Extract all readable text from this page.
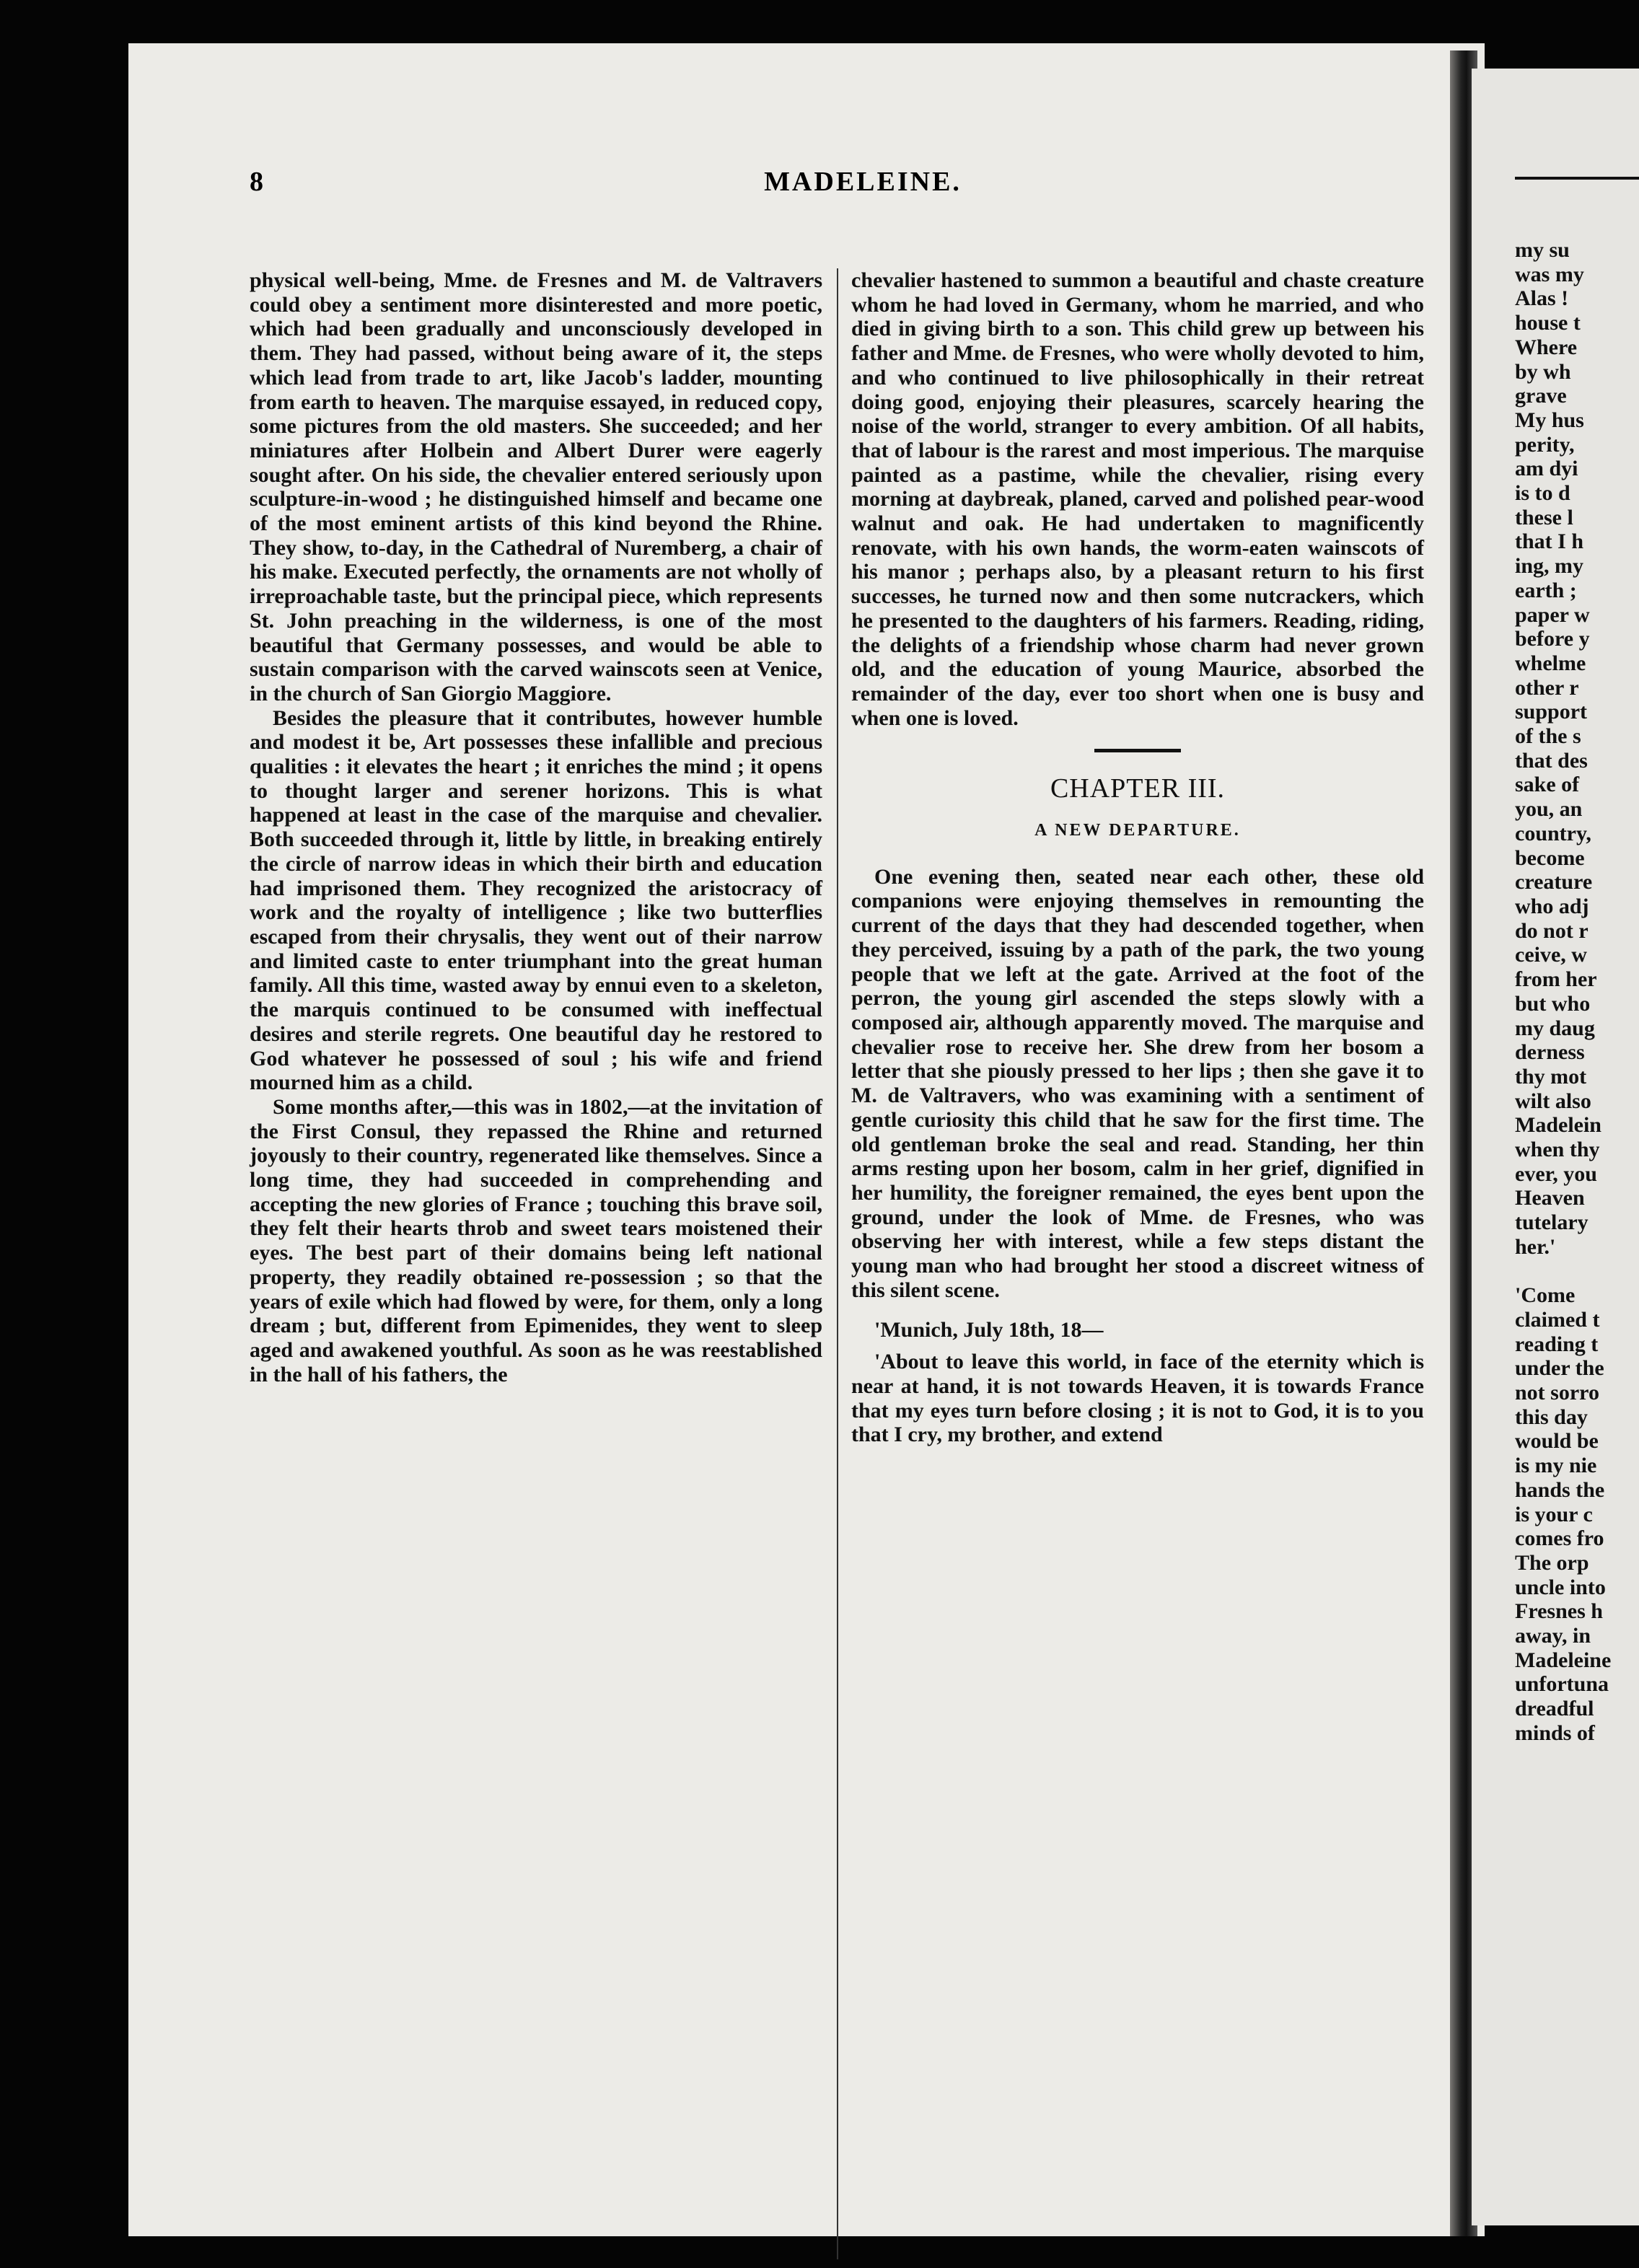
my su
was my
Alas !
house t
Where
by wh
grave
My hus
perity,
am dyi
is to d
these l
that I h
ing, my
earth ;
paper w
before y
whelme
other r
support
of the s
that des
sake of
you, an
country,
become
creature
who adj
do not r
ceive, w
from her
but who
my daug
derness
thy mot
wilt also
Madelein
when thy
ever, you
Heaven
tutelary
her.'

'Come
claimed t
reading t
under the
not sorro
this day
would be
is my nie
hands the
is your c
comes fro
The orp
uncle into
Fresnes h
away, in
Madeleine
unfortuna
dreadful
minds of
8	MADELEINE.

physical well-being, Mme. de Fresnes and M. de Valtravers could obey a sentiment more disinterested and more poetic, which had been gradually and unconsciously developed in them. They had passed, without being aware of it, the steps which lead from trade to art, like Jacob's ladder, mounting from earth to heaven. The marquise essayed, in reduced copy, some pictures from the old masters. She succeeded; and her miniatures after Holbein and Albert Durer were eagerly sought after. On his side, the chevalier entered seriously upon sculpture-in-wood ; he distinguished himself and became one of the most eminent artists of this kind beyond the Rhine. They show, to-day, in the Cathedral of Nuremberg, a chair of his make. Executed perfectly, the ornaments are not wholly of irreproachable taste, but the principal piece, which represents St. John preaching in the wilderness, is one of the most beautiful that Germany possesses, and would be able to sustain comparison with the carved wainscots seen at Venice, in the church of San Giorgio Maggiore.

Besides the pleasure that it contributes, however humble and modest it be, Art possesses these infallible and precious qualities : it elevates the heart ; it enriches the mind ; it opens to thought larger and serener horizons. This is what happened at least in the case of the marquise and chevalier. Both succeeded through it, little by little, in breaking entirely the circle of narrow ideas in which their birth and education had imprisoned them. They recognized the aristocracy of work and the royalty of intelligence ; like two butterflies escaped from their chrysalis, they went out of their narrow and limited caste to enter triumphant into the great human family. All this time, wasted away by ennui even to a skeleton, the marquis continued to be consumed with ineffectual desires and sterile regrets. One beautiful day he restored to God whatever he possessed of soul ; his wife and friend mourned him as a child.

Some months after,—this was in 1802,—at the invitation of the First Consul, they repassed the Rhine and returned joyously to their country, regenerated like themselves. Since a long time, they had succeeded in comprehending and accepting the new glories of France ; touching this brave soil, they felt their hearts throb and sweet tears moistened their eyes. The best part of their domains being left national property, they readily obtained re-possession ; so that the years of exile which had flowed by were, for them, only a long dream ; but, different from Epimenides, they went to sleep aged and awakened youthful. As soon as he was reestablished in the hall of his fathers, the

chevalier hastened to summon a beautiful and chaste creature whom he had loved in Germany, whom he married, and who died in giving birth to a son. This child grew up between his father and Mme. de Fresnes, who were wholly devoted to him, and who continued to live philosophically in their retreat doing good, enjoying their pleasures, scarcely hearing the noise of the world, stranger to every ambition. Of all habits, that of labour is the rarest and most imperious. The marquise painted as a pastime, while the chevalier, rising every morning at daybreak, planed, carved and polished pear-wood walnut and oak. He had undertaken to magnificently renovate, with his own hands, the worm-eaten wainscots of his manor ; perhaps also, by a pleasant return to his first successes, he turned now and then some nutcrackers, which he presented to the daughters of his farmers. Reading, riding, the delights of a friendship whose charm had never grown old, and the education of young Maurice, absorbed the remainder of the day, ever too short when one is busy and when one is loved.

CHAPTER III.
A NEW DEPARTURE.

One evening then, seated near each other, these old companions were enjoying themselves in remounting the current of the days that they had descended together, when they perceived, issuing by a path of the park, the two young people that we left at the gate. Arrived at the foot of the perron, the young girl ascended the steps slowly with a composed air, although apparently moved. The marquise and chevalier rose to receive her. She drew from her bosom a letter that she piously pressed to her lips ; then she gave it to M. de Valtravers, who was examining with a sentiment of gentle curiosity this child that he saw for the first time. The old gentleman broke the seal and read. Standing, her thin arms resting upon her bosom, calm in her grief, dignified in her humility, the foreigner remained, the eyes bent upon the ground, under the look of Mme. de Fresnes, who was observing her with interest, while a few steps distant the young man who had brought her stood a discreet witness of this silent scene.

'Munich, July 18th, 18—

'About to leave this world, in face of the eternity which is near at hand, it is not towards Heaven, it is towards France that my eyes turn before closing ; it is not to God, it is to you that I cry, my brother, and extend
